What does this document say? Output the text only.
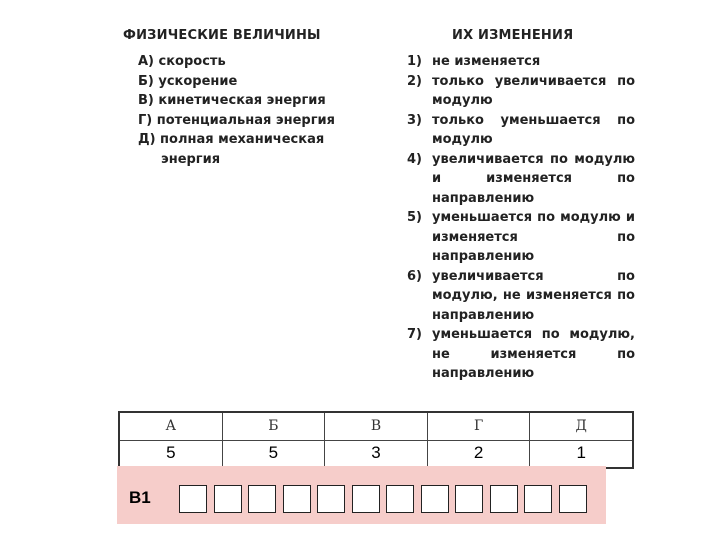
ФИЗИЧЕСКИЕ ВЕЛИЧИНЫ	ИХ ИЗМЕНЕНИЯ
А) скорость
Б) ускорение
В) кинетическая энергия
Г) потенциальная энергия
Д) полная механическая
энергия
1) не изменяется
2) только увеличивается по модулю
3) только уменьшается по модулю
4) увеличивается по модулю и изменяется по направлению
5) уменьшается по модулю и изменяется по направлению
6) увеличивается по модулю, не изменяется по направлению
7) уменьшается по модулю, не изменяется по направлению
А
5
Б
5
В
3
Г
2
Д
1
В1
